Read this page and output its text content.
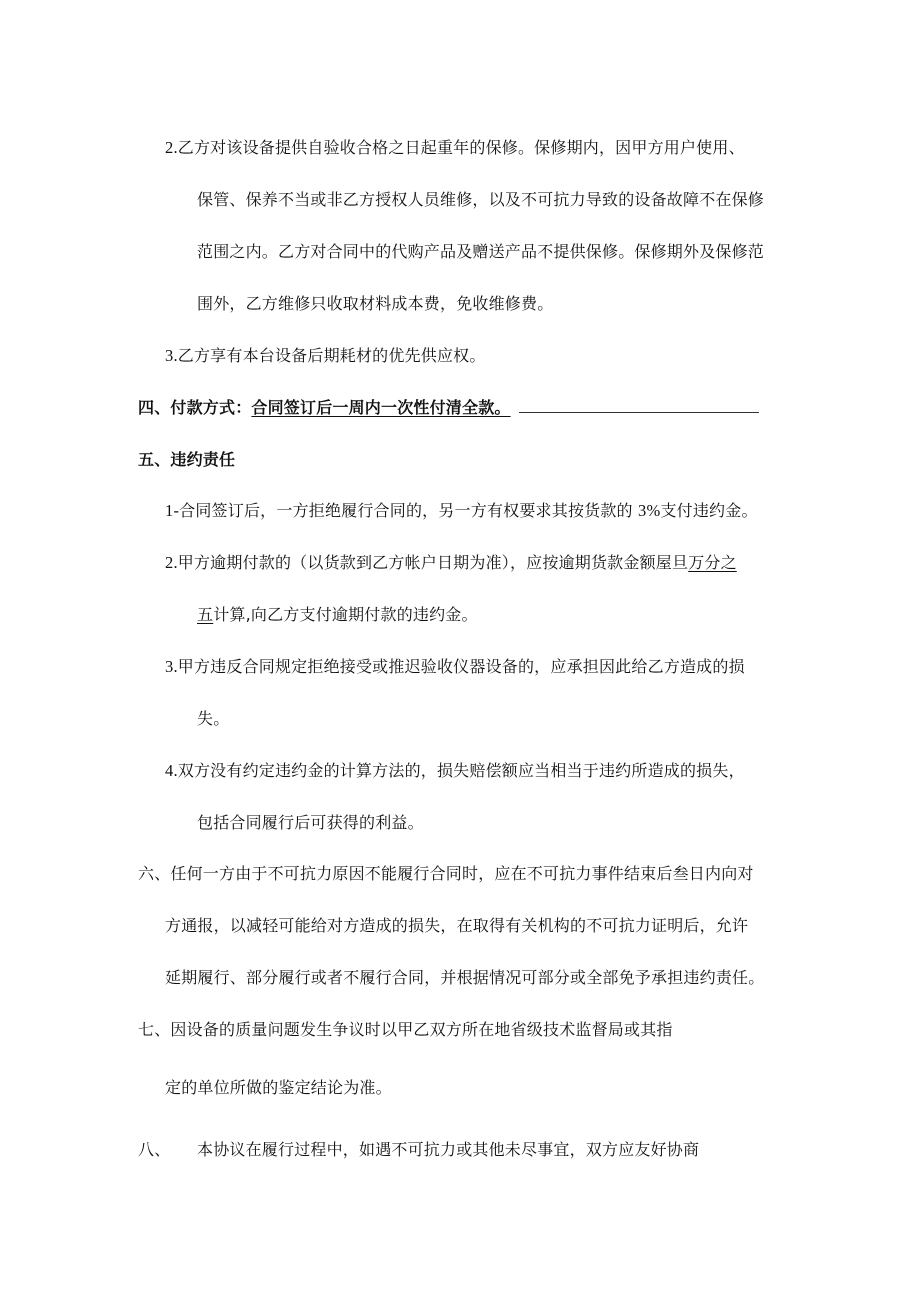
2.乙方对该设备提供自验收合格之日起重年的保修。保修期内，因甲方用户使用、
保管、保养不当或非乙方授权人员维修，以及不可抗力导致的设备故障不在保修
范围之内。乙方对合同中的代购产品及赠送产品不提供保修。保修期外及保修范
围外，乙方维修只收取材料成本费，免收维修费。
3.乙方享有本台设备后期耗材的优先供应权。
四、付款方式：合同签订后一周内一次性付清全款。
五、违约责任
1-合同签订后，一方拒绝履行合同的，另一方有权要求其按货款的 3%支付违约金。
2.甲方逾期付款的（以货款到乙方帐户日期为准），应按逾期货款金额屋旦万分之
五计算,向乙方支付逾期付款的违约金。
3.甲方违反合同规定拒绝接受或推迟验收仪器设备的，应承担因此给乙方造成的损
失。
4.双方没有约定违约金的计算方法的，损失赔偿额应当相当于违约所造成的损失，
包括合同履行后可获得的利益。
六、任何一方由于不可抗力原因不能履行合同时，应在不可抗力事件结束后叁日内向对
方通报，以减轻可能给对方造成的损失，在取得有关机构的不可抗力证明后，允许
延期履行、部分履行或者不履行合同，并根据情况可部分或全部免予承担违约责任。
七、因设备的质量问题发生争议时以甲乙双方所在地省级技术监督局或其指
定的单位所做的鉴定结论为准。
八、 本协议在履行过程中，如遇不可抗力或其他未尽事宜，双方应友好协商
